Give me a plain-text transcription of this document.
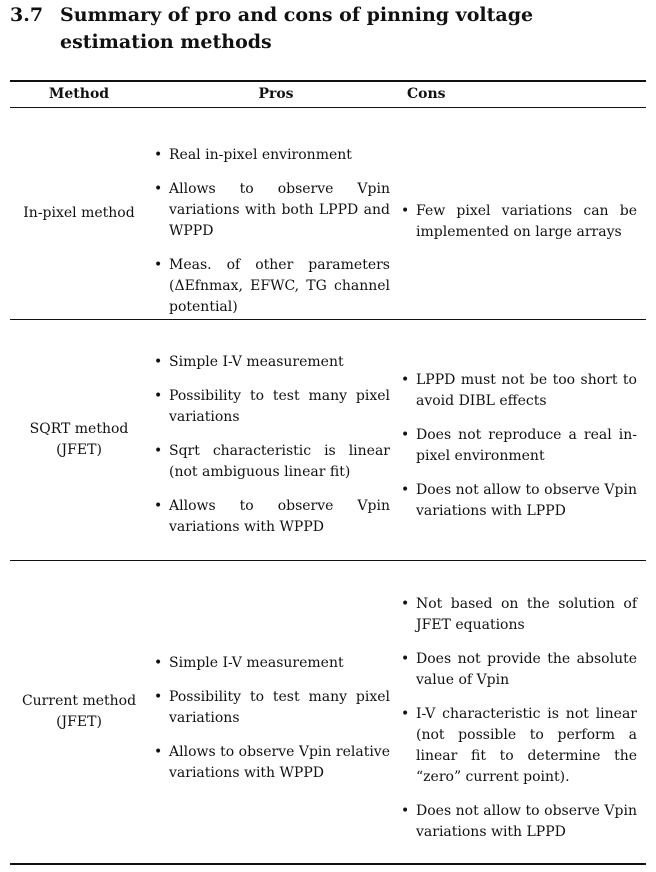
3.7 Summary of pro and cons of pinning voltage estimation methods
Method	Pros	Cons
In-pixel method
• Real in-pixel environment
• Allows to observe Vpin variations with both LPPD and WPPD
• Meas. of other parameters (ΔEfnmax, EFWC, TG channel potential)
• Few pixel variations can be implemented on large arrays
SQRT method
(JFET)
• Simple I-V measurement
• Possibility to test many pixel variations
• Sqrt characteristic is linear (not ambiguous linear fit)
• Allows to observe Vpin variations with WPPD
• LPPD must not be too short to avoid DIBL effects
• Does not reproduce a real in-pixel environment
• Does not allow to observe Vpin variations with LPPD
Current method
(JFET)
• Simple I-V measurement
• Possibility to test many pixel variations
• Allows to observe Vpin relative variations with WPPD
• Not based on the solution of JFET equations
• Does not provide the absolute value of Vpin
• I-V characteristic is not linear (not possible to perform a linear fit to determine the “zero” current point).
• Does not allow to observe Vpin variations with LPPD
